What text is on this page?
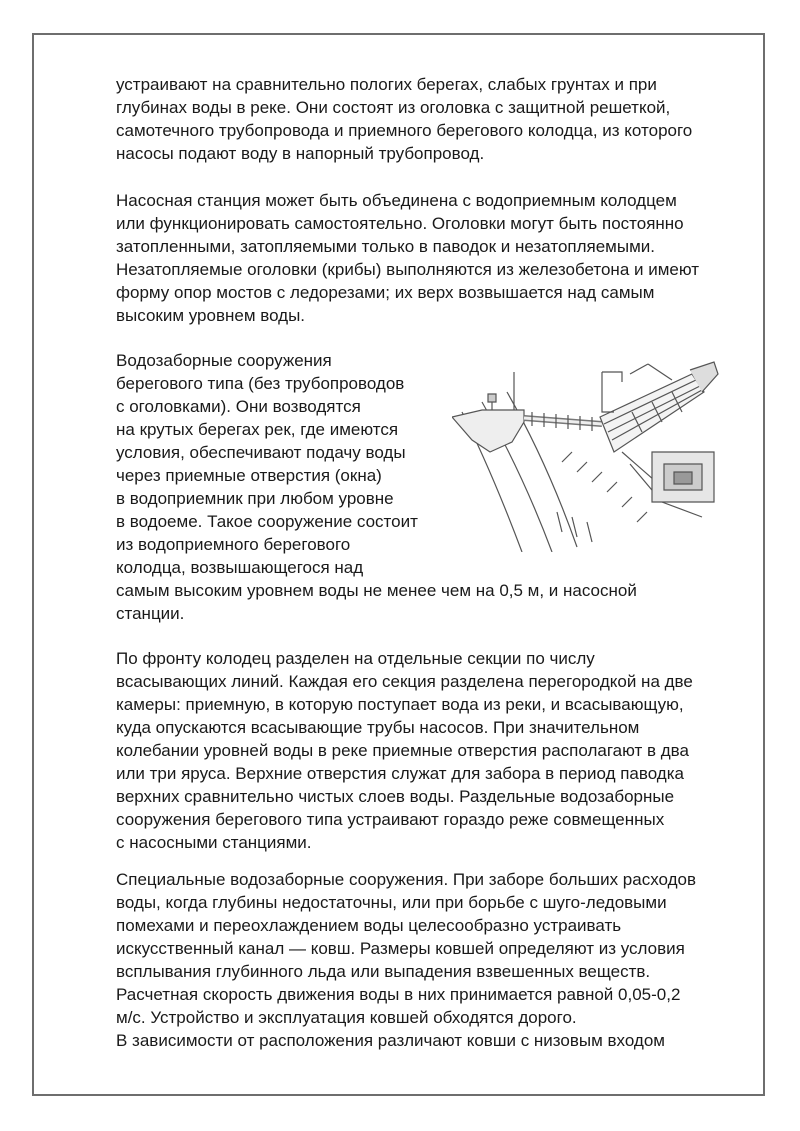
устраивают на сравнительно пологих берегах, слабых грунтах и при
глубинах воды в реке. Они состоят из оголовка с защитной решеткой,
самотечного трубопровода и приемного берегового колодца, из которого
насосы подают воду в напорный трубопровод.
Насосная станция может быть объединена с водоприемным колодцем
или функционировать самостоятельно. Оголовки могут быть постоянно
затопленными, затопляемыми только в паводок и незатопляемыми.
Незатопляемые оголовки (крибы) выполняются из железобетона и имеют
форму опор мостов с ледорезами; их верх возвышается над самым
высоким уровнем воды.
Водозаборные сооружения
берегового типа (без трубопроводов
с оголовками). Они возводятся
на крутых берегах рек, где имеются
условия, обеспечивают подачу воды
через приемные отверстия (окна)
в водоприемник при любом уровне
в водоеме. Такое сооружение состоит
из водоприемного берегового
колодца, возвышающегося над
самым высоким уровнем воды не менее чем на 0,5 м, и насосной
станции.
По фронту колодец разделен на отдельные секции по числу
всасывающих линий. Каждая его секция разделена перегородкой на две
камеры: приемную, в которую поступает вода из реки, и всасывающую,
куда опускаются всасывающие трубы насосов. При значительном
колебании уровней воды в реке приемные отверстия располагают в два
или три яруса. Верхние отверстия служат для забора в период паводка
верхних сравнительно чистых слоев воды. Раздельные водозаборные
сооружения берегового типа устраивают гораздо реже совмещенных
с насосными станциями.
Специальные водозаборные сооружения. При заборе больших расходов
воды, когда глубины недостаточны, или при борьбе с шуго-ледовыми
помехами и переохлаждением воды целесообразно устраивать
искусственный канал — ковш. Размеры ковшей определяют из условия
всплывания глубинного льда или выпадения взвешенных веществ.
Расчетная скорость движения воды в них принимается равной 0,05-0,2
м/с. Устройство и эксплуатация ковшей обходятся дорого.
В зависимости от расположения различают ковши с низовым входом
